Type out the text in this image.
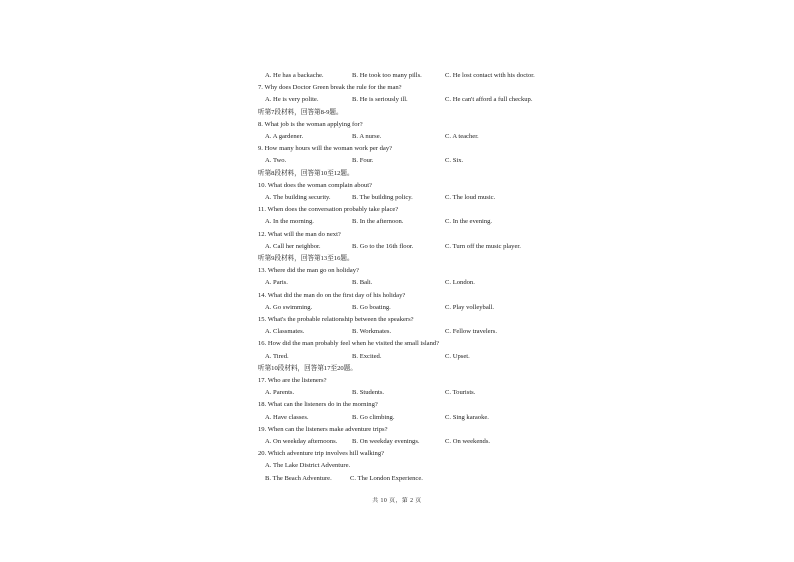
A. He has a backache.	B. He took too many pills.	C. He lost contact with his doctor.
7. Why does Doctor Green break the rule for the man?
A. He is very polite.	B. He is seriously ill.	C. He can't afford a full checkup.
听第7段材料，回答第8-9题。
8. What job is the woman applying for?
A. A gardener.	B. A nurse.	C. A teacher.
9. How many hours will the woman work per day?
A. Two.	B. Four.	C. Six.
听第8段材料，回答第10至12题。
10. What does the woman complain about?
A. The building security.	B. The building policy.	C. The loud music.
11. When does the conversation probably take place?
A. In the morning.	B. In the afternoon.	C. In the evening.
12. What will the man do next?
A. Call her neighbor.	B. Go to the 16th floor.	C. Turn off the music player.
听第9段材料，回答第13至16题。
13. Where did the man go on holiday?
A. Paris.	B. Bali.	C. London.
14. What did the man do on the first day of his holiday?
A. Go swimming.	B. Go boating.	C. Play volleyball.
15. What's the probable relationship between the speakers?
A. Classmates.	B. Workmates.	C. Fellow travelers.
16. How did the man probably feel when he visited the small island?
A. Tired.	B. Excited.	C. Upset.
听第10段材料，回答第17至20题。
17. Who are the listeners?
A. Parents.	B. Students.	C. Tourists.
18. What can the listeners do in the morning?
A. Have classes.	B. Go climbing.	C. Sing karaoke.
19. When can the listeners make adventure trips?
A. On weekday afternoons. B. On weekday evenings.	C. On weekends.
20. Which adventure trip involves hill walking?
A. The Lake District Adventure.
B. The Beach Adventure.	C. The London Experience.
共 10 页，第 2 页
